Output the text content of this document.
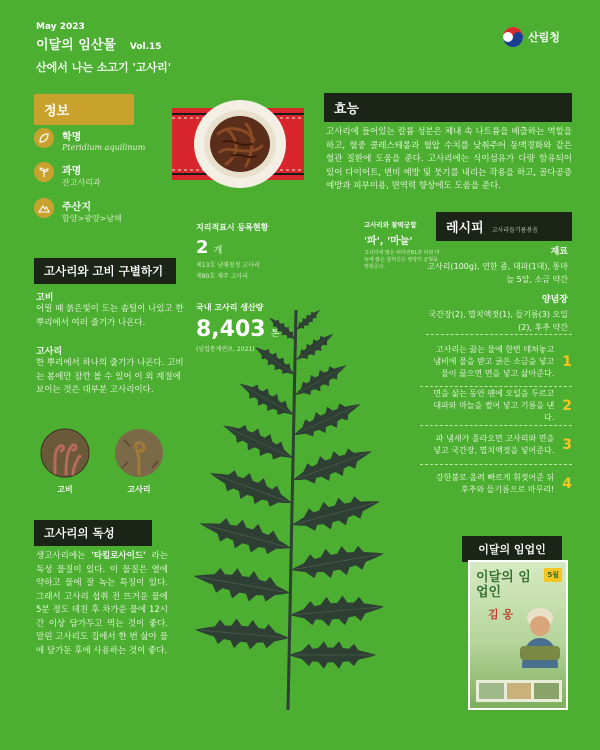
May 2023
이달의 임산물 Vol.15
산에서 나는 소고기 '고사리'
산림청
정보
학명
Pteridium aquilinum
과명
잔고사리과
주산지
함양>광양>남해
효능
고사리에 들어있는 칼륨 성분은 체내 속 나트륨을 배출하는 역할을 하고, 혈중 콜레스테롤과 혈압 수치를 낮춰주어 동맥경화와 같은 혈관 질환에 도움을 준다. 고사리에는 식이섬유가 다량 함유되어 있어 다이어트, 변비 예방 및 붓기를 내리는 작용을 하고, 골다공증 예방과 피부미용, 면역력 향상에도 도움을 준다.
지리적표시 등록현황
2 개
제13호 남해청정 고사리
제80호 제주 고사리
국내 고사리 생산량
8,403 톤
(임업통계연보, 2021)
고사리와 찰떡궁합
'파', '마늘'
고사리에 많은 비타민B1과 파와 마늘에 많은 알리신은 영양의 균형을 맞춰준다.
레시피 고사리들기름볶음
재료
고사리(100g), 연한 좀, 대파(1대), 통마늘 5알, 소금 약간
양념장
국간장(2), 멸치액젓(1), 들기름(3) 오일(2), 후추 약간
고사리는 끓는 물에 한번 데쳐놓고 냄비에 물을 받고 굵은 소금을 넣고 물이 끓으면 면을 넣고 삶아준다.
1
면을 삶는 동안 팬에 오일을 두르고 대파와 마늘을 썰어 넣고 기름을 낸다.
2
파 냄새가 올라오면 고사리와 면을 넣고 국간장, 멸치액젓을 넣어준다. 3
강한불로 올려 빠르게 휘젓어준 뒤 후추와 들기름으로 마무리! 4
고사리와 고비 구별하기
고비
어릴 때 붉은빛이 도는 솜털이 나있고 한 뿌리에서 여러 줄기가 나온다.
고사리
한 뿌리에서 하나의 줄기가 나온다. 고비는 봄에만 잠깐 볼 수 있어 이 외 계절에 보이는 것은 대부분 고사리이다.
고비	고사리
고사리의 독성
생고사리에는 '타킬로사이드' 라는 독성 물질이 있다. 이 물질은 열에 약하고 물에 잘 녹는 특징이 있다. 그래서 고사리 섭취 전 뜨거운 물에 5분 정도 데친 후 차가운 물에 12시간 이상 담가두고 먹는 것이 좋다. 말린 고사리도 집에서 한 번 삶아 물에 담가둔 후에 사용하는 것이 좋다.
이달의 임업인
이달의 임업인
김 웅
5월
